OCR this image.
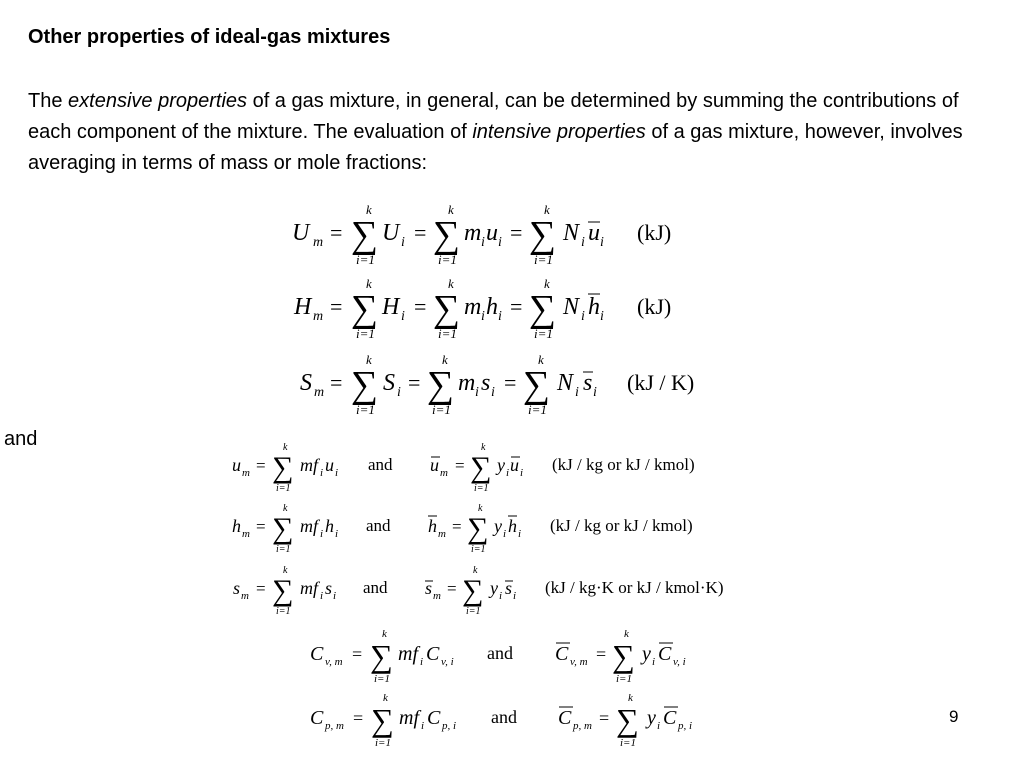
Other properties of ideal-gas mixtures
The extensive properties of a gas mixture, in general, can be determined by summing the contributions of each component of the mixture. The evaluation of intensive properties of a gas mixture, however, involves averaging in terms of mass or mole fractions:
U m =
k
∑
i=1
U i =
k
∑
i=1
m i u i =
k
∑
i=1
N i u i (kJ)
H m =
k
∑
i=1
H i =
k
∑
i=1
m i h i =
k
∑
i=1
N i h i (kJ)
S m =
k
∑
i=1
S i =
k
∑
i=1
m i s i =
k
∑
i=1
N i s i (kJ / K)
and
u m =
k
∑
i=1
mf i u i and u m =
k
∑
i=1
y i u i (kJ / kg or kJ / kmol)
h m =
k
∑
i=1
mf i h i and h m =
k
∑
i=1
y i h i (kJ / kg or kJ / kmol)
s m =
k
∑
i=1
mf i s i and s m =
k
∑
i=1
y i s i (kJ / kg·K or kJ / kmol·K)
C v, m =
k
∑
i=1
mf i C v, i and C v, m =
k
∑
i=1
y i C v, i
C p, m =
k
∑
i=1
mf i C p, i and C p, m =
k
∑
i=1
y i C p, i	9
